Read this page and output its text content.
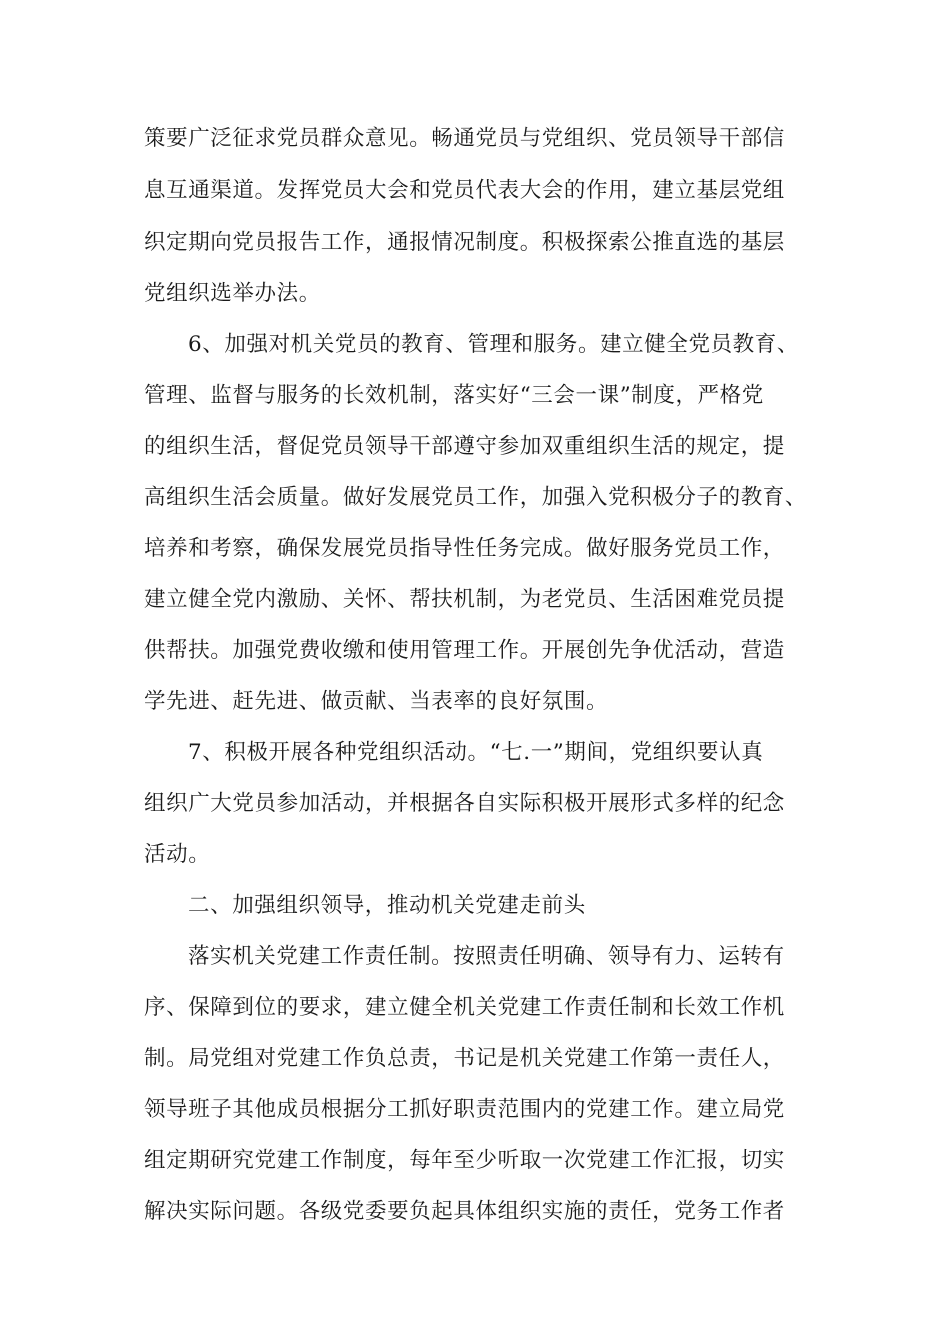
策要广泛征求党员群众意见。畅通党员与党组织、党员领导干部信
息互通渠道。发挥党员大会和党员代表大会的作用，建立基层党组
织定期向党员报告工作，通报情况制度。积极探索公推直选的基层
党组织选举办法。
6、加强对机关党员的教育、管理和服务。建立健全党员教育、
管理、监督与服务的长效机制，落实好“三会一课”制度，严格党
的组织生活，督促党员领导干部遵守参加双重组织生活的规定，提
高组织生活会质量。做好发展党员工作，加强入党积极分子的教育、
培养和考察，确保发展党员指导性任务完成。做好服务党员工作，
建立健全党内激励、关怀、帮扶机制，为老党员、生活困难党员提
供帮扶。加强党费收缴和使用管理工作。开展创先争优活动，营造
学先进、赶先进、做贡献、当表率的良好氛围。
7、积极开展各种党组织活动。“七.一”期间，党组织要认真
组织广大党员参加活动，并根据各自实际积极开展形式多样的纪念
活动。
二、加强组织领导，推动机关党建走前头
落实机关党建工作责任制。按照责任明确、领导有力、运转有
序、保障到位的要求，建立健全机关党建工作责任制和长效工作机
制。局党组对党建工作负总责，书记是机关党建工作第一责任人，
领导班子其他成员根据分工抓好职责范围内的党建工作。建立局党
组定期研究党建工作制度，每年至少听取一次党建工作汇报，切实
解决实际问题。各级党委要负起具体组织实施的责任，党务工作者
